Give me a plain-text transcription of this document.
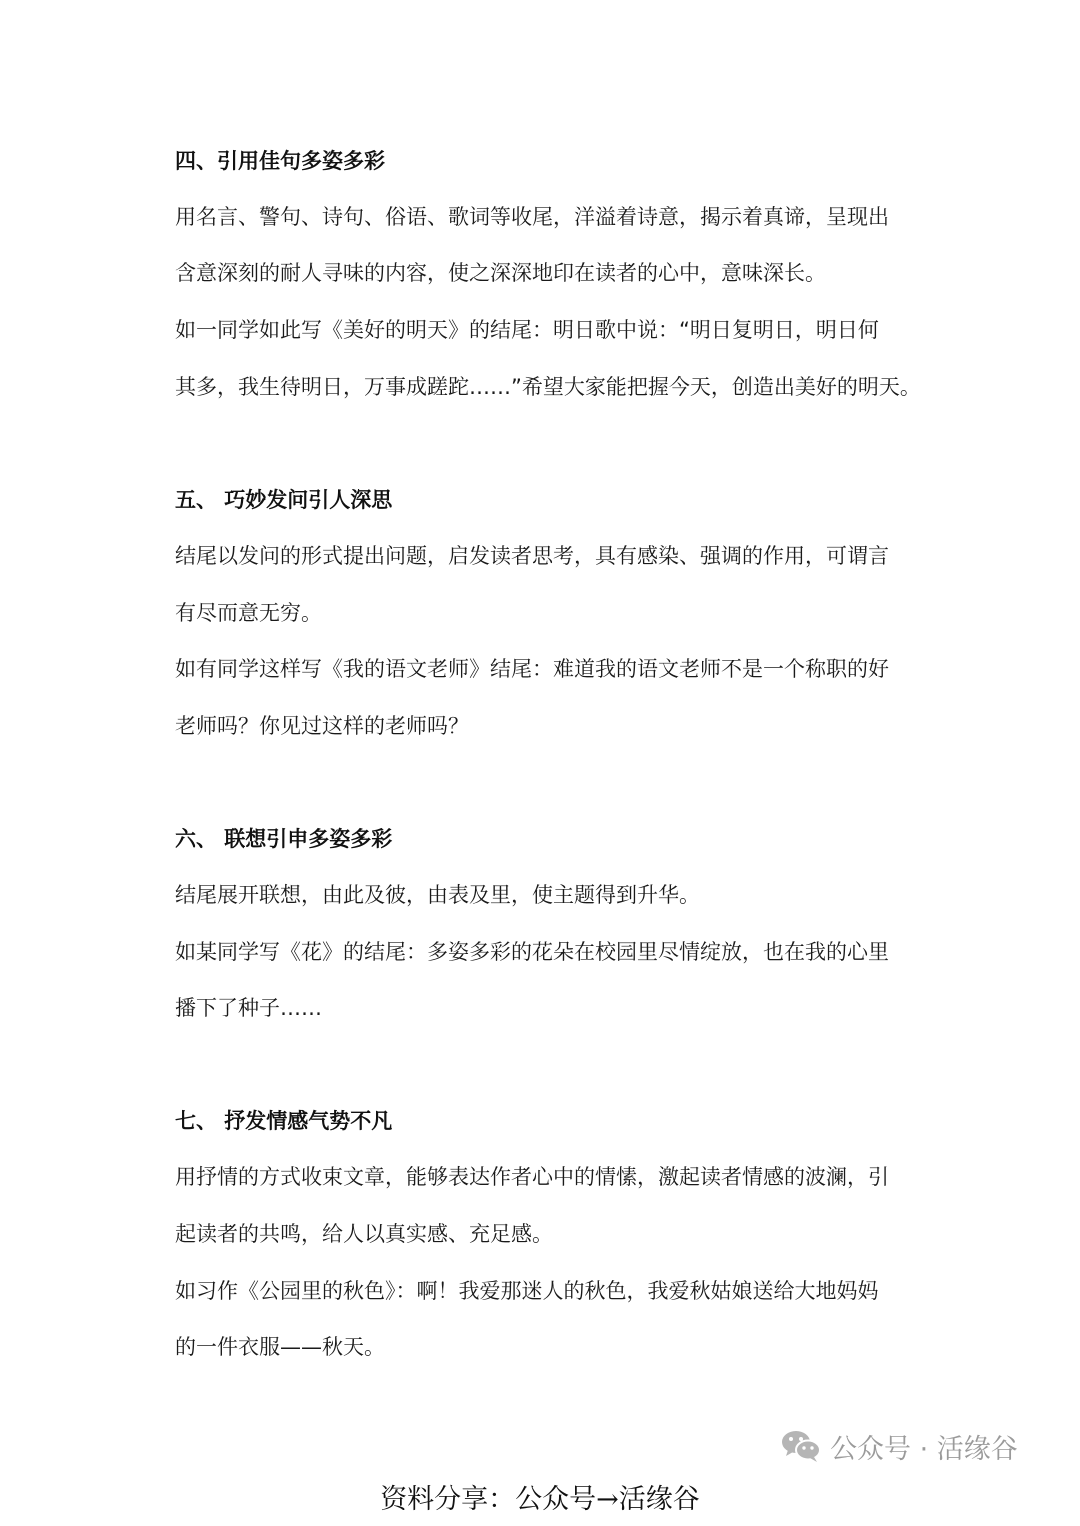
四、引用佳句多姿多彩
用名言、警句、诗句、俗语、歌词等收尾，洋溢着诗意，揭示着真谛，呈现出
含意深刻的耐人寻味的内容，使之深深地印在读者的心中，意味深长。
如一同学如此写《美好的明天》的结尾：明日歌中说：“明日复明日，明日何
其多，我生待明日，万事成蹉跎……”希望大家能把握今天，创造出美好的明天。
五、 巧妙发问引人深思
结尾以发问的形式提出问题，启发读者思考，具有感染、强调的作用，可谓言
有尽而意无穷。
如有同学这样写《我的语文老师》结尾：难道我的语文老师不是一个称职的好
老师吗？你见过这样的老师吗？
六、 联想引申多姿多彩
结尾展开联想，由此及彼，由表及里，使主题得到升华。
如某同学写《花》的结尾：多姿多彩的花朵在校园里尽情绽放，也在我的心里
播下了种子……
七、 抒发情感气势不凡
用抒情的方式收束文章，能够表达作者心中的情愫，激起读者情感的波澜，引
起读者的共鸣，给人以真实感、充足感。
如习作《公园里的秋色》：啊！我爱那迷人的秋色，我爱秋姑娘送给大地妈妈
的一件衣服——秋天。
公众号 · 活缘谷
资料分享：公众号→活缘谷
